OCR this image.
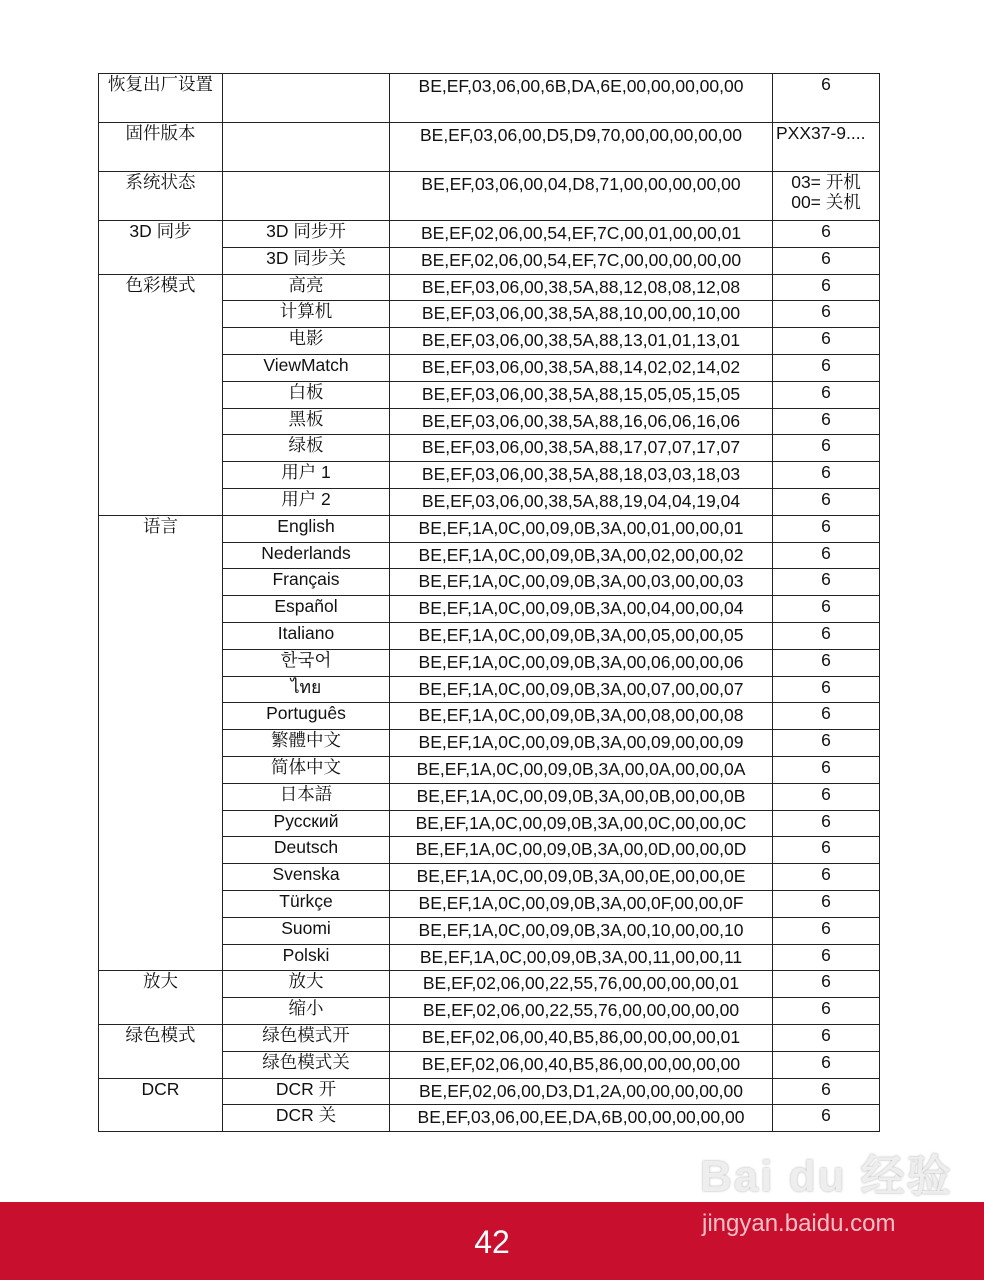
恢复出厂设置		BE,EF,03,06,00,6B,DA,6E,00,00,00,00,00	6
固件版本		BE,EF,03,06,00,D5,D9,70,00,00,00,00,00	PXX37-9....
系统状态		BE,EF,03,06,00,04,D8,71,00,00,00,00,00	03= 开机
00= 关机
3D 同步	3D 同步开	BE,EF,02,06,00,54,EF,7C,00,01,00,00,01	6
	3D 同步关	BE,EF,02,06,00,54,EF,7C,00,00,00,00,00	6
色彩模式	高亮	BE,EF,03,06,00,38,5A,88,12,08,08,12,08	6
	计算机	BE,EF,03,06,00,38,5A,88,10,00,00,10,00	6
	电影	BE,EF,03,06,00,38,5A,88,13,01,01,13,01	6
	ViewMatch	BE,EF,03,06,00,38,5A,88,14,02,02,14,02	6
	白板	BE,EF,03,06,00,38,5A,88,15,05,05,15,05	6
	黑板	BE,EF,03,06,00,38,5A,88,16,06,06,16,06	6
	绿板	BE,EF,03,06,00,38,5A,88,17,07,07,17,07	6
	用户 1	BE,EF,03,06,00,38,5A,88,18,03,03,18,03	6
	用户 2	BE,EF,03,06,00,38,5A,88,19,04,04,19,04	6
语言	English	BE,EF,1A,0C,00,09,0B,3A,00,01,00,00,01	6
	Nederlands	BE,EF,1A,0C,00,09,0B,3A,00,02,00,00,02	6
	Français	BE,EF,1A,0C,00,09,0B,3A,00,03,00,00,03	6
	Español	BE,EF,1A,0C,00,09,0B,3A,00,04,00,00,04	6
	Italiano	BE,EF,1A,0C,00,09,0B,3A,00,05,00,00,05	6
	한국어	BE,EF,1A,0C,00,09,0B,3A,00,06,00,00,06	6
	ไทย	BE,EF,1A,0C,00,09,0B,3A,00,07,00,00,07	6
	Português	BE,EF,1A,0C,00,09,0B,3A,00,08,00,00,08	6
	繁體中文	BE,EF,1A,0C,00,09,0B,3A,00,09,00,00,09	6
	简体中文	BE,EF,1A,0C,00,09,0B,3A,00,0A,00,00,0A	6
	日本語	BE,EF,1A,0C,00,09,0B,3A,00,0B,00,00,0B	6
	Русский	BE,EF,1A,0C,00,09,0B,3A,00,0C,00,00,0C	6
	Deutsch	BE,EF,1A,0C,00,09,0B,3A,00,0D,00,00,0D	6
	Svenska	BE,EF,1A,0C,00,09,0B,3A,00,0E,00,00,0E	6
	Türkçe	BE,EF,1A,0C,00,09,0B,3A,00,0F,00,00,0F	6
	Suomi	BE,EF,1A,0C,00,09,0B,3A,00,10,00,00,10	6
	Polski	BE,EF,1A,0C,00,09,0B,3A,00,11,00,00,11	6
放大	放大	BE,EF,02,06,00,22,55,76,00,00,00,00,01	6
	缩小	BE,EF,02,06,00,22,55,76,00,00,00,00,00	6
绿色模式	绿色模式开	BE,EF,02,06,00,40,B5,86,00,00,00,00,01	6
	绿色模式关	BE,EF,02,06,00,40,B5,86,00,00,00,00,00	6
DCR	DCR 开	BE,EF,02,06,00,D3,D1,2A,00,00,00,00,00	6
	DCR 关	BE,EF,03,06,00,EE,DA,6B,00,00,00,00,00	6
42
Bai du 经验
jingyan.baidu.com
